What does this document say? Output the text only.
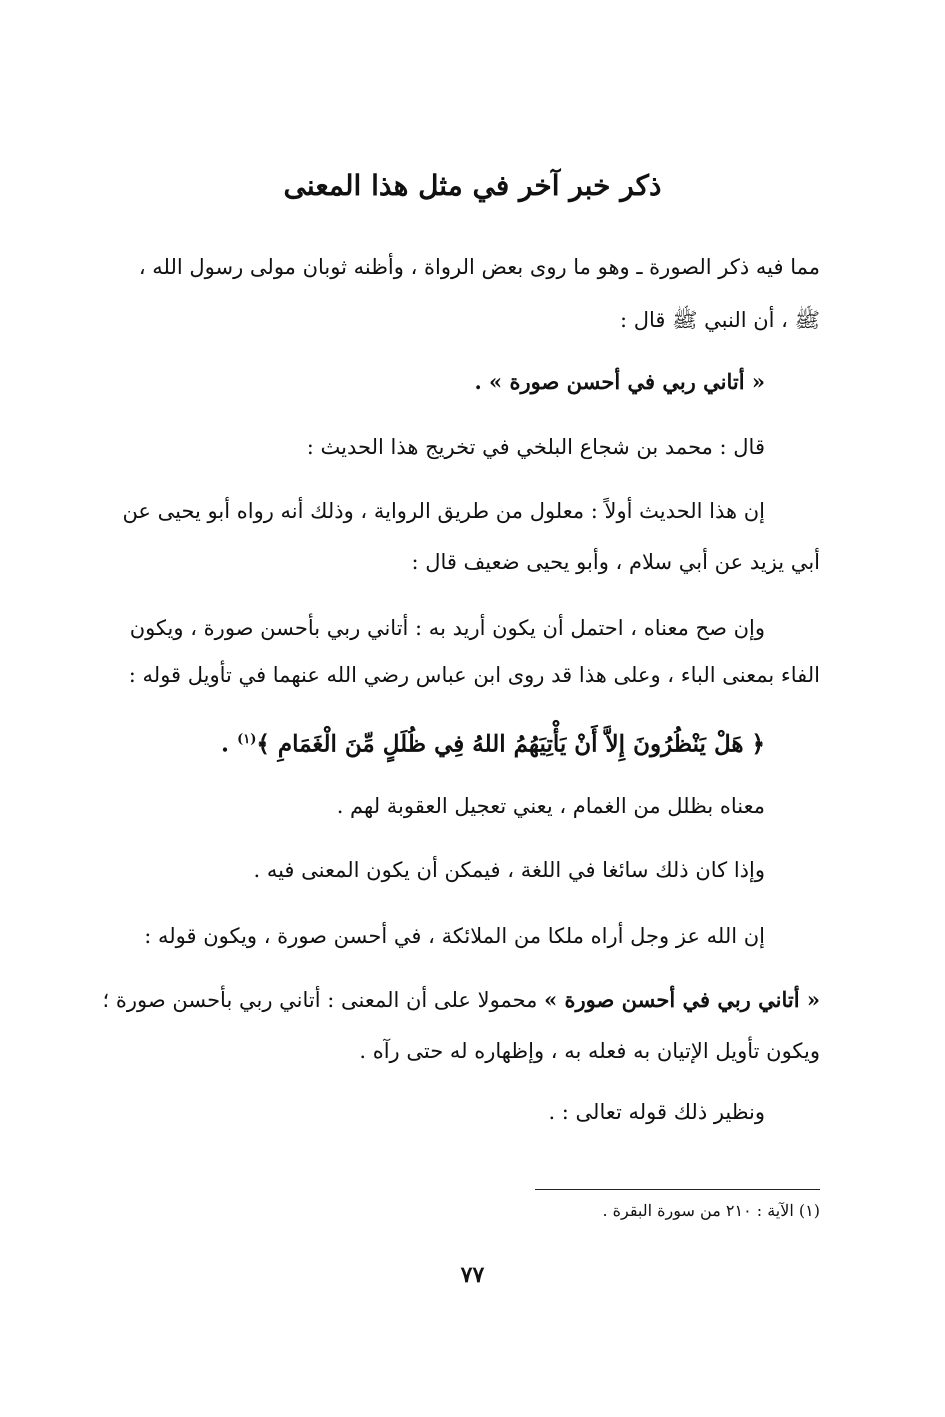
ذكر خبر آخر في مثل هذا المعنى
مما فيه ذكر الصورة ـ وهو ما روى بعض الرواة ، وأظنه ثوبان مولى رسول الله ،
ﷺ ، أن النبي ﷺ قال :
« أتاني ربي في أحسن صورة » .
قال : محمد بن شجاع البلخي في تخريج هذا الحديث :
إن هذا الحديث أولاً : معلول من طريق الرواية ، وذلك أنه رواه أبو يحيى عن
أبي يزيد عن أبي سلام ، وأبو يحيى ضعيف قال :
وإن صح معناه ، احتمل أن يكون أريد به : أتاني ربي بأحسن صورة ، ويكون
الفاء بمعنى الباء ، وعلى هذا قد روى ابن عباس رضي الله عنهما في تأويل قوله :
﴿ هَلْ يَنْظُرُونَ إِلاَّ أَنْ يَأْتِيَهُمُ اللهُ فِي ظُلَلٍ مِّنَ الْغَمَامِ ﴾$^{(١)}$ .
معناه بظلل من الغمام ، يعني تعجيل العقوبة لهم .
وإذا كان ذلك سائغا في اللغة ، فيمكن أن يكون المعنى فيه .
إن الله عز وجل أراه ملكا من الملائكة ، في أحسن صورة ، ويكون قوله :
« أتاني ربي في أحسن صورة » محمولا على أن المعنى : أتاني ربي بأحسن صورة ؛
ويكون تأويل الإتيان به فعله به ، وإظهاره له حتى رآه .
ونظير ذلك قوله تعالى : .
(١) الآية : ٢١٠ من سورة البقرة .
٧٧
